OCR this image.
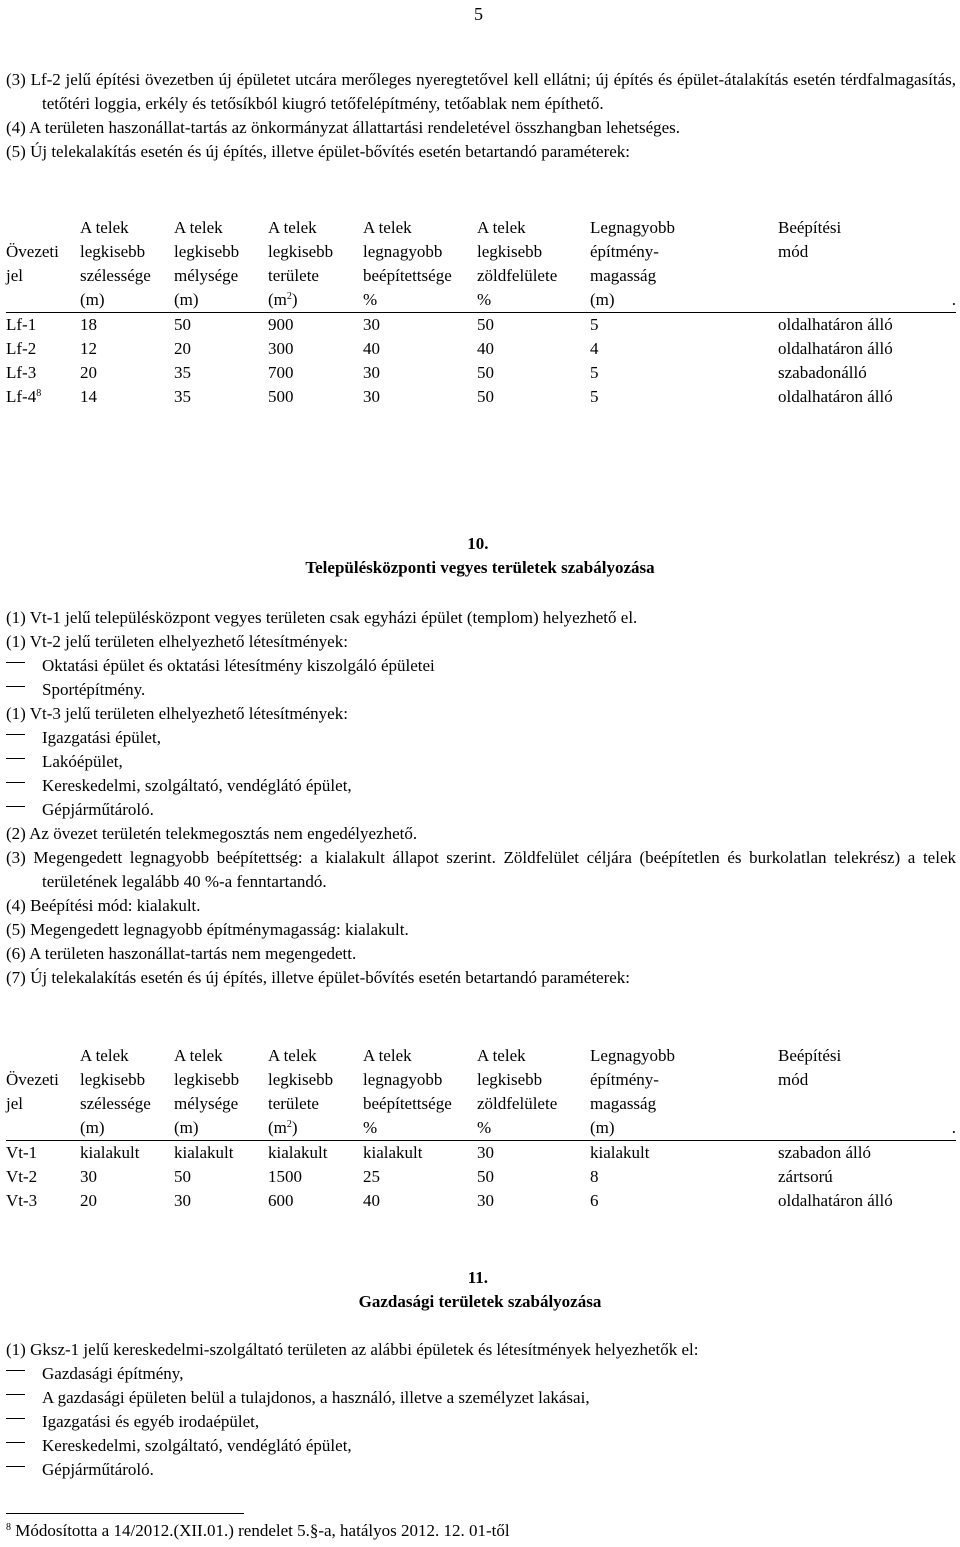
5

(3) Lf-2 jelű építési övezetben új épületet utcára merőleges nyeregtetővel kell ellátni; új építés és épület-átalakítás esetén térdfalmagasítás, tetőtéri loggia, erkély és tetősíkból kiugró tetőfelépítmény, tetőablak nem építhető.

(4) A területen haszonállat-tartás az önkormányzat állattartási rendeletével összhangban lehetséges.

(5) Új telekalakítás esetén és új építés, illetve épület-bővítés esetén betartandó paraméterek:

	A telek	A telek	A telek	A telek	A telek	Legnagyobb	Beépítési
Övezeti	legkisebb	legkisebb	legkisebb	legnagyobb	legkisebb	építmény-	mód
jel	szélessége	mélysége	területe	beépítettsége	zöldfelülete	magasság	
	(m)	(m)	$(m^2)$	%	%	(m)	.
Lf-1	18	50	900	30	50	5	oldalhatáron álló
Lf-2	12	20	300	40	40	4	oldalhatáron álló
Lf-3	20	35	700	30	50	5	szabadonálló
$Lf-4^8$	14	35	500	30	50	5	oldalhatáron álló
10.
Településközponti vegyes területek szabályozása
(1) Vt-1 jelű településközpont vegyes területen csak egyházi épület (templom) helyezhető el.
(1) Vt-2 jelű területen elhelyezhető létesítmények:
Oktatási épület és oktatási létesítmény kiszolgáló épületei
Sportépítmény.
(1) Vt-3 jelű területen elhelyezhető létesítmények:
Igazgatási épület,
Lakóépület,
Kereskedelmi, szolgáltató, vendéglátó épület,
Gépjárműtároló.
(2) Az övezet területén telekmegosztás nem engedélyezhető.
(3) Megengedett legnagyobb beépítettség: a kialakult állapot szerint. Zöldfelület céljára (beépítetlen és burkolatlan telekrész) a telek területének legalább 40 %-a fenntartandó.
(4) Beépítési mód: kialakult.
(5) Megengedett legnagyobb építménymagasság: kialakult.
(6) A területen haszonállat-tartás nem megengedett.
(7) Új telekalakítás esetén és új építés, illetve épület-bővítés esetén betartandó paraméterek:
	A telek	A telek	A telek	A telek	A telek	Legnagyobb	Beépítési
Övezeti	legkisebb	legkisebb	legkisebb	legnagyobb	legkisebb	építmény-	mód
jel	szélessége	mélysége	területe	beépítettsége	zöldfelülete	magasság	
	(m)	(m)	$(m^2)$	%	%	(m)	.
Vt-1	kialakult	kialakult	kialakult	kialakult	30	kialakult	szabadon álló
Vt-2	30	50	1500	25	50	8	zártsorú
Vt-3	20	30	600	40	30	6	oldalhatáron álló
11.
Gazdasági területek szabályozása
(1) Gksz-1 jelű kereskedelmi-szolgáltató területen az alábbi épületek és létesítmények helyezhetők el:
Gazdasági építmény,
A gazdasági épületen belül a tulajdonos, a használó, illetve a személyzet lakásai,
Igazgatási és egyéb irodaépület,
Kereskedelmi, szolgáltató, vendéglátó épület,
Gépjárműtároló.
$^8$ Módosította a 14/2012.(XII.01.) rendelet 5.§-a, hatályos 2012. 12. 01-től
